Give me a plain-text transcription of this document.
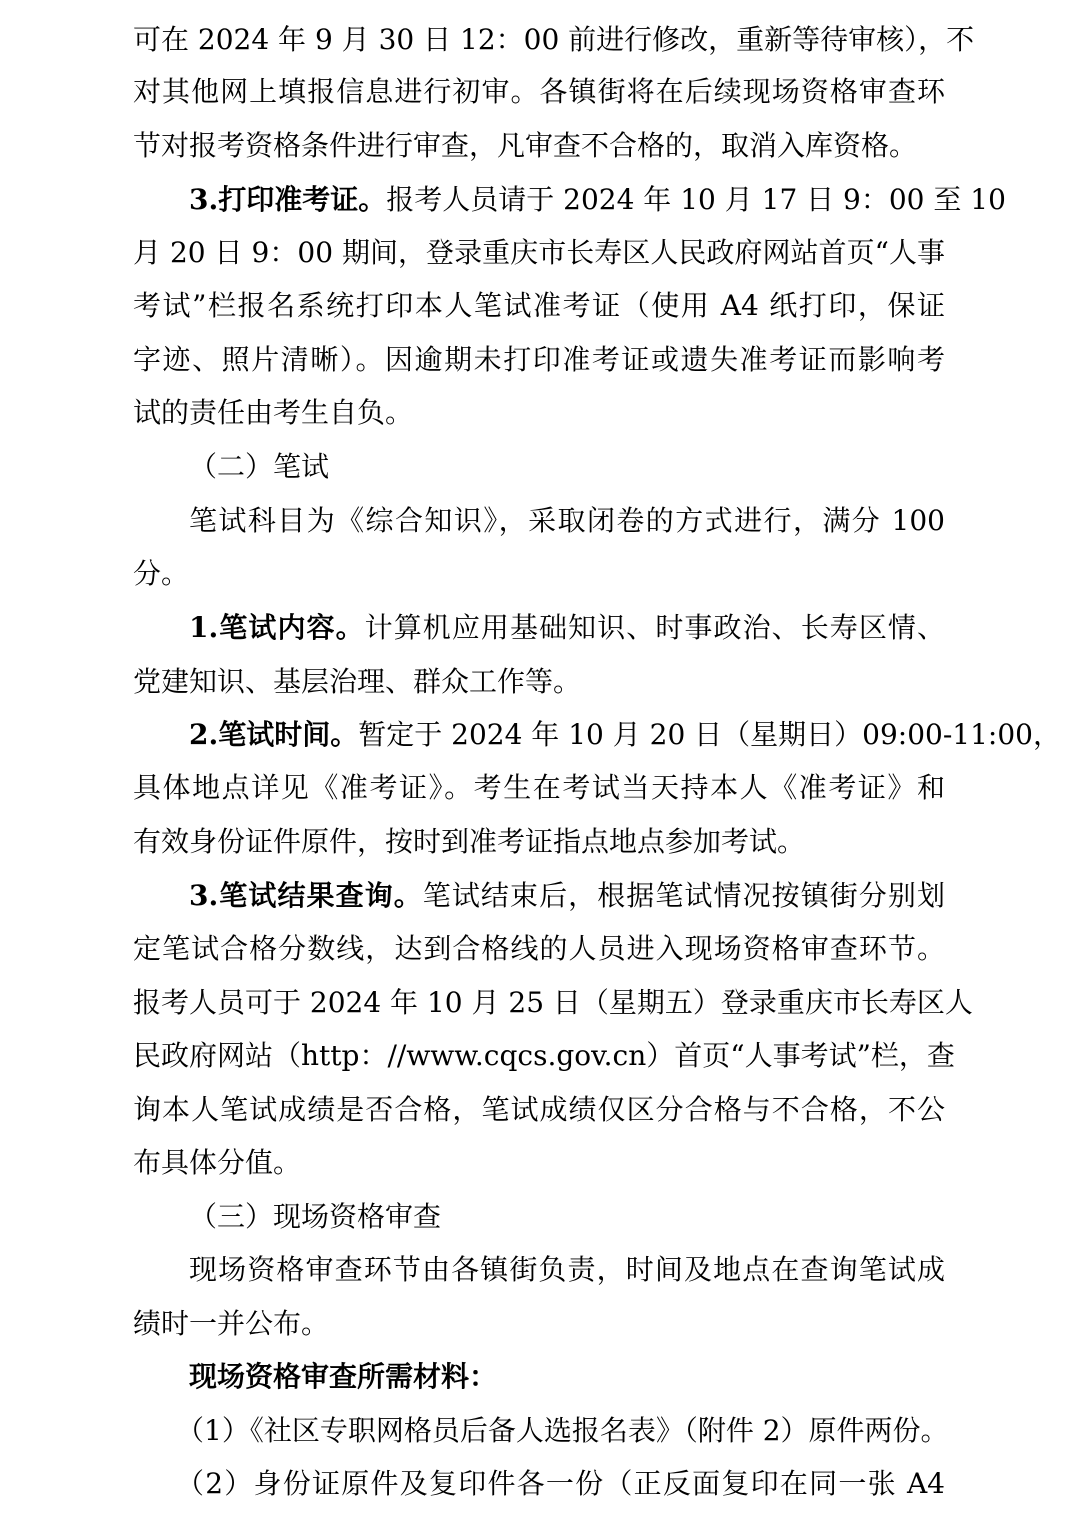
可在 2024 年 9 月 30 日 12：00 前进行修改，重新等待审核），不
对其他网上填报信息进行初审。各镇街将在后续现场资格审查环
节对报考资格条件进行审查，凡审查不合格的，取消入库资格。
3.打印准考证。报考人员请于 2024 年 10 月 17 日 9：00 至 10
月 20 日 9：00 期间，登录重庆市长寿区人民政府网站首页“人事
考试”栏报名系统打印本人笔试准考证（使用 A4 纸打印，保证
字迹、照片清晰）。因逾期未打印准考证或遗失准考证而影响考
试的责任由考生自负。
（二）笔试
笔试科目为《综合知识》，采取闭卷的方式进行，满分 100
分。
1.笔试内容。计算机应用基础知识、时事政治、长寿区情、
党建知识、基层治理、群众工作等。
2.笔试时间。暂定于 2024 年 10 月 20 日（星期日）09:00-11:00，
具体地点详见《准考证》。考生在考试当天持本人《准考证》和
有效身份证件原件，按时到准考证指点地点参加考试。
3.笔试结果查询。笔试结束后，根据笔试情况按镇街分别划
定笔试合格分数线，达到合格线的人员进入现场资格审查环节。
报考人员可于 2024 年 10 月 25 日（星期五）登录重庆市长寿区人
民政府网站（http：//www.cqcs.gov.cn）首页“人事考试”栏，查
询本人笔试成绩是否合格，笔试成绩仅区分合格与不合格，不公
布具体分值。
（三）现场资格审查
现场资格审查环节由各镇街负责，时间及地点在查询笔试成
绩时一并公布。
现场资格审查所需材料：
（1）《社区专职网格员后备人选报名表》（附件 2）原件两份。
（2）身份证原件及复印件各一份（正反面复印在同一张 A4
